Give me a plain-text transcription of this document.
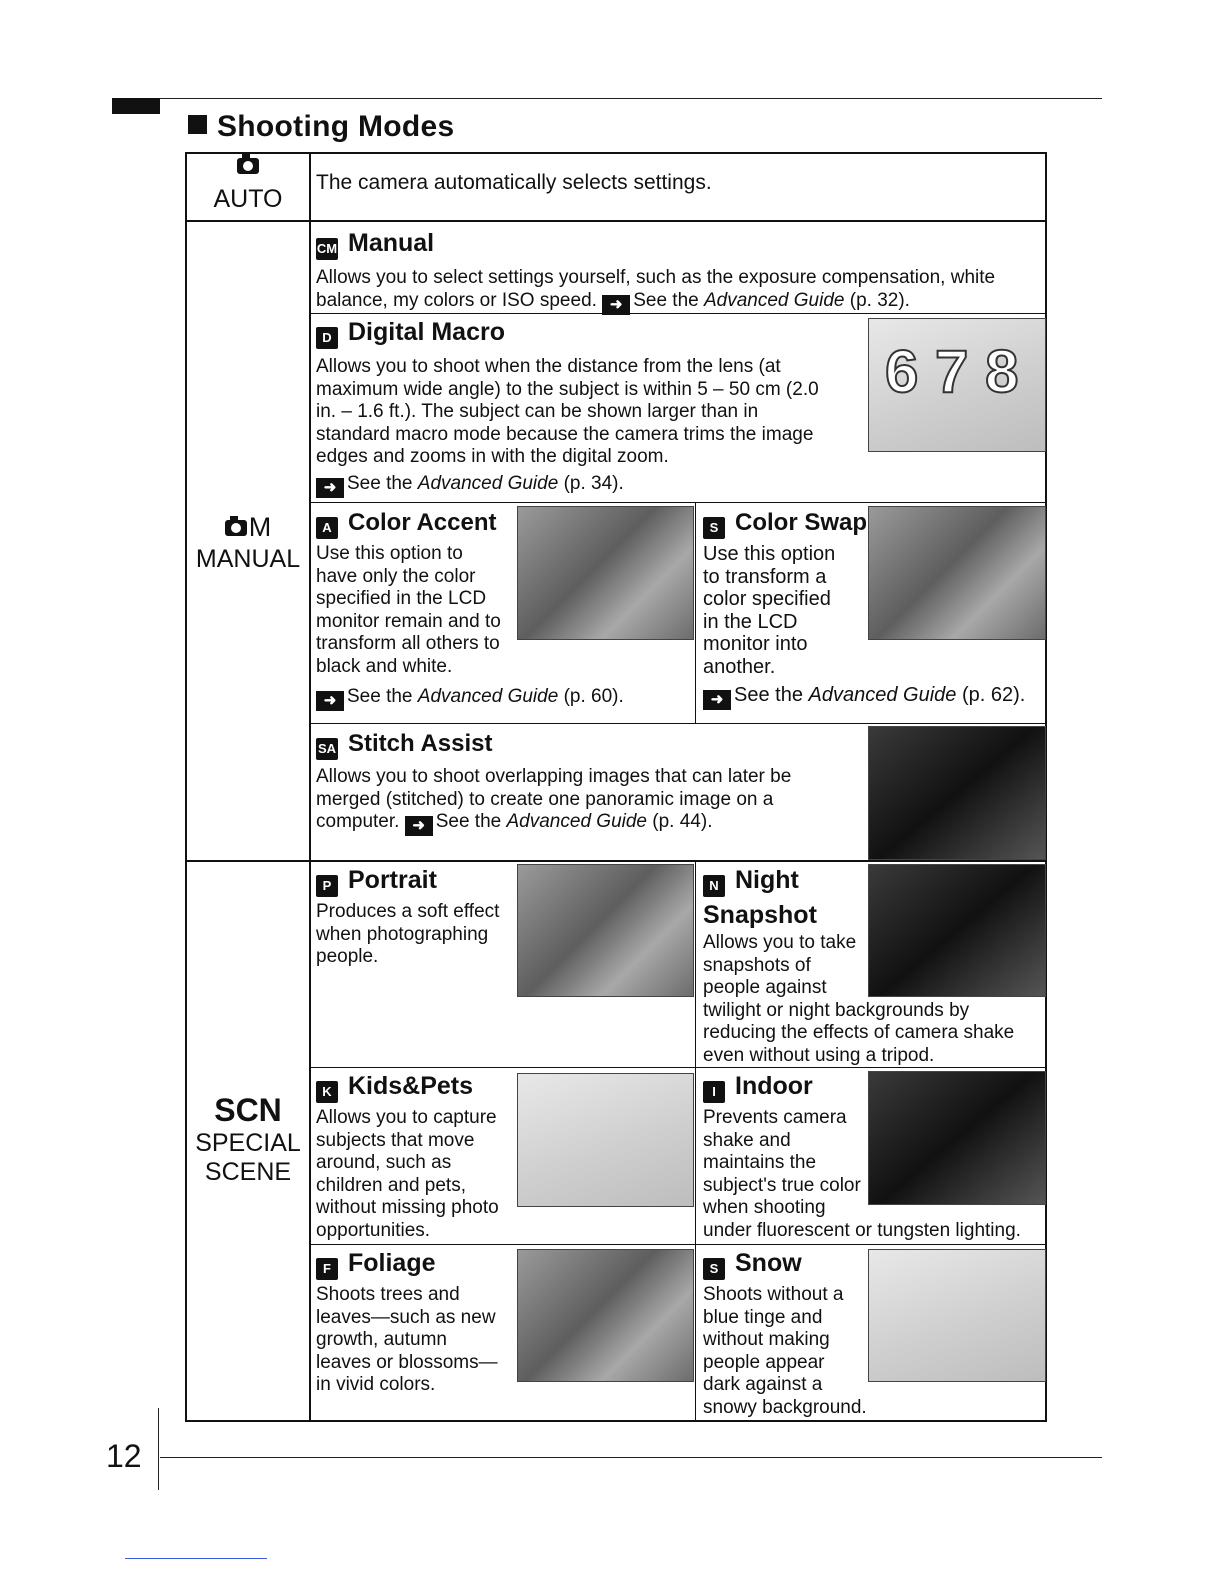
Shooting Modes
AUTO
The camera automatically selects settings.
M
MANUAL
SCN
SPECIAL
SCENE
CM Manual
Allows you to select settings yourself, such as the exposure compensation, white
balance, my colors or ISO speed. ➜ See the Advanced Guide (p. 32).
D Digital Macro
Allows you to shoot when the distance from the lens (at
maximum wide angle) to the subject is within 5 – 50 cm (2.0
in. – 1.6 ft.). The subject can be shown larger than in
standard macro mode because the camera trims the image
edges and zooms in with the digital zoom.
➜ See the Advanced Guide (p. 34).
6 7 8
A Color Accent
Use this option to
have only the color
specified in the LCD
monitor remain and to
transform all others to
black and white.
➜ See the Advanced Guide (p. 60).
S Color Swap
Use this option
to transform a
color specified
in the LCD
monitor into
another.
➜ See the Advanced Guide (p. 62).
SA Stitch Assist
Allows you to shoot overlapping images that can later be
merged (stitched) to create one panoramic image on a
computer. ➜ See the Advanced Guide (p. 44).
P Portrait
Produces a soft effect
when photographing
people.
N Night
Snapshot
Allows you to take
snapshots of
people against
twilight or night backgrounds by
reducing the effects of camera shake
even without using a tripod.
K Kids&Pets
Allows you to capture
subjects that move
around, such as
children and pets,
without missing photo
opportunities.
I Indoor
Prevents camera
shake and
maintains the
subject's true color
when shooting
under fluorescent or tungsten lighting.
F Foliage
Shoots trees and
leaves—such as new
growth, autumn
leaves or blossoms—
in vivid colors.
S Snow
Shoots without a
blue tinge and
without making
people appear
dark against a
snowy background.
12
